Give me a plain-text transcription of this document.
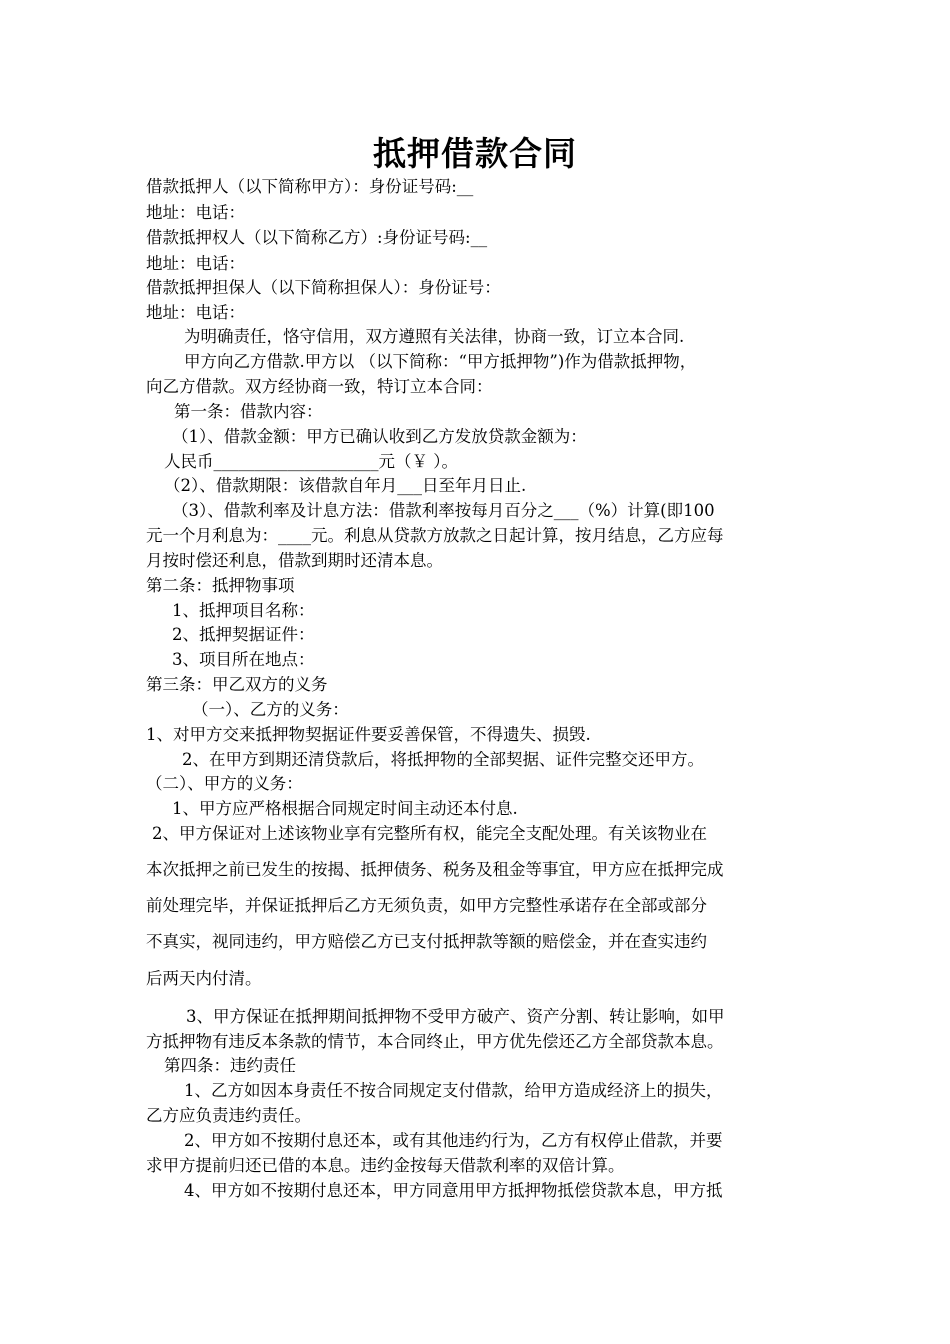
抵押借款合同
借款抵押人（以下简称甲方）：身份证号码:__
地址：电话：
借款抵押权人（以下简称乙方）:身份证号码:__
地址：电话：
借款抵押担保人（以下简称担保人）：身份证号：
地址：电话：
为明确责任，恪守信用，双方遵照有关法律，协商一致，订立本合同.
甲方向乙方借款.甲方以 （以下简称：“甲方抵押物”)作为借款抵押物，
向乙方借款。双方经协商一致，特订立本合同：
第一条：借款内容：
（1）、借款金额：甲方已确认收到乙方发放贷款金额为：
人民币____________________元（￥ ）。
（2）、借款期限：该借款自年月___日至年月日止.
（3）、借款利率及计息方法：借款利率按每月百分之___（%）计算(即100
元一个月利息为：____元。利息从贷款方放款之日起计算，按月结息，乙方应每
月按时偿还利息，借款到期时还清本息。
第二条：抵押物事项
1、抵押项目名称：
2、抵押契据证件：
3、项目所在地点：
第三条：甲乙双方的义务
（一）、乙方的义务：
1、对甲方交来抵押物契据证件要妥善保管，不得遗失、损毁.
2、在甲方到期还清贷款后，将抵押物的全部契据、证件完整交还甲方。
（二）、甲方的义务：
1、甲方应严格根据合同规定时间主动还本付息.
2、甲方保证对上述该物业享有完整所有权，能完全支配处理。有关该物业在
本次抵押之前已发生的按揭、抵押债务、税务及租金等事宜，甲方应在抵押完成
前处理完毕，并保证抵押后乙方无须负责，如甲方完整性承诺存在全部或部分
不真实，视同违约，甲方赔偿乙方已支付抵押款等额的赔偿金，并在查实违约
后两天内付清。
3、甲方保证在抵押期间抵押物不受甲方破产、资产分割、转让影响，如甲
方抵押物有违反本条款的情节，本合同终止，甲方优先偿还乙方全部贷款本息。
第四条：违约责任
1、乙方如因本身责任不按合同规定支付借款，给甲方造成经济上的损失，
乙方应负责违约责任。
2、甲方如不按期付息还本，或有其他违约行为，乙方有权停止借款，并要
求甲方提前归还已借的本息。违约金按每天借款利率的双倍计算。
4、甲方如不按期付息还本，甲方同意用甲方抵押物抵偿贷款本息，甲方抵
